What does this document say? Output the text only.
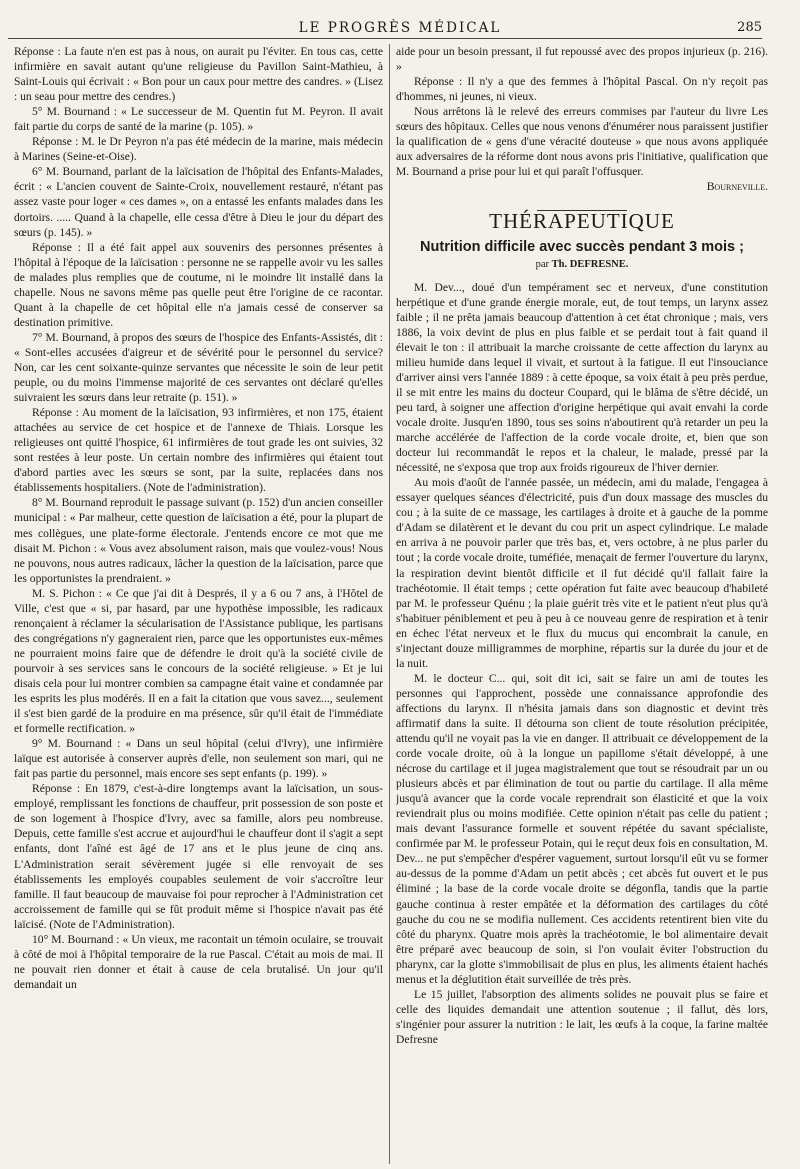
LE PROGRÈS MÉDICAL	285

Réponse : La faute n'en est pas à nous, on aurait pu l'éviter. En tous cas, cette infirmière en savait autant qu'une religieuse du Pavillon Saint-Mathieu, à Saint-Louis qui écrivait : « Bon pour un caux pour mettre des candres. » (Lisez : un seau pour mettre des cendres.)

5° M. Bournand : « Le successeur de M. Quentin fut M. Peyron. Il avait fait partie du corps de santé de la marine (p. 105). »

Réponse : M. le Dr Peyron n'a pas été médecin de la marine, mais médecin à Marines (Seine-et-Oise).

6° M. Bournand, parlant de la laïcisation de l'hôpital des Enfants-Malades, écrit : « L'ancien couvent de Sainte-Croix, nouvellement restauré, n'étant pas assez vaste pour loger « ces dames », on a entassé les enfants malades dans les dortoirs. ..... Quand à la chapelle, elle cessa d'être à Dieu le jour du départ des sœurs (p. 145). »

Réponse : Il a été fait appel aux souvenirs des personnes présentes à l'hôpital à l'époque de la laïcisation : personne ne se rappelle avoir vu les salles de malades plus remplies que de coutume, ni le moindre lit installé dans la chapelle. Nous ne savons même pas quelle peut être l'origine de ce racontar. Quant à la chapelle de cet hôpital elle n'a jamais cessé de conserver sa destination primitive.

7° M. Bournand, à propos des sœurs de l'hospice des Enfants-Assistés, dit : « Sont-elles accusées d'aigreur et de sévérité pour le personnel du service? Non, car les cent soixante-quinze servantes que nécessite le soin de leur petit peuple, ou du moins l'immense majorité de ces servantes ont déclaré qu'elles suivraient les sœurs dans leur retraite (p. 151). »

Réponse : Au moment de la laïcisation, 93 infirmières, et non 175, étaient attachées au service de cet hospice et de l'annexe de Thiais. Lorsque les religieuses ont quitté l'hospice, 61 infirmières de tout grade les ont suivies, 32 sont restées à leur poste. Un certain nombre des infirmières qui étaient tout d'abord parties avec les sœurs se sont, par la suite, replacées dans nos établissements hospitaliers. (Note de l'administration).

8° M. Bournand reproduit le passage suivant (p. 152) d'un ancien conseiller municipal : « Par malheur, cette question de laïcisation a été, pour la plupart de mes collègues, une plate-forme électorale. J'entends encore ce mot que me disait M. Pichon : « Vous avez absolument raison, mais que voulez-vous! Nous ne pouvons, nous autres radicaux, lâcher la question de la laïcisation, parce que les opportunistes la prendraient. »

M. S. Pichon : « Ce que j'ai dit à Després, il y a 6 ou 7 ans, à l'Hôtel de Ville, c'est que « si, par hasard, par une hypothèse impossible, les radicaux renonçaient à réclamer la sécularisation de l'Assistance publique, les partisans des congrégations n'y gagneraient rien, parce que les opportunistes eux-mêmes ne pourraient moins faire que de défendre le droit qu'à la société civile de pourvoir à ses services sans le concours de la société religieuse. » Et je lui disais cela pour lui montrer combien sa campagne était vaine et condamnée par les esprits les plus modérés. Il en a fait la citation que vous savez..., seulement il s'est bien gardé de la produire en ma présence, sûr qu'il était de l'immédiate et formelle rectification. »

9° M. Bournand : « Dans un seul hôpital (celui d'Ivry), une infirmière laïque est autorisée à conserver auprès d'elle, non seulement son mari, qui ne fait pas partie du personnel, mais encore ses sept enfants (p. 199). »

Réponse : En 1879, c'est-à-dire longtemps avant la laïcisation, un sous-employé, remplissant les fonctions de chauffeur, prit possession de son poste et de son logement à l'hospice d'Ivry, avec sa famille, alors peu nombreuse. Depuis, cette famille s'est accrue et aujourd'hui le chauffeur dont il s'agit a sept enfants, dont l'aîné est âgé de 17 ans et le plus jeune de cinq ans. L'Administration serait sévèrement jugée si elle renvoyait de ses établissements les employés coupables seulement de voir s'accroître leur famille. Il faut beaucoup de mauvaise foi pour reprocher à l'Administration cet accroissement de famille qui se fût produit même si l'hospice n'avait pas été laïcisé. (Note de l'Administration).

10° M. Bournand : « Un vieux, me racontait un témoin oculaire, se trouvait à côté de moi à l'hôpital temporaire de la rue Pascal. C'était au mois de mai. Il ne pouvait rien donner et était à cause de cela brutalisé. Un jour qu'il demandait un

aide pour un besoin pressant, il fut repoussé avec des propos injurieux (p. 216). »

Réponse : Il n'y a que des femmes à l'hôpital Pascal. On n'y reçoit pas d'hommes, ni jeunes, ni vieux.

Nous arrêtons là le relevé des erreurs commises par l'auteur du livre Les sœurs des hôpitaux. Celles que nous venons d'énumérer nous paraissent justifier la qualification de « gens d'une véracité douteuse » que nous avons appliquée aux adversaires de la réforme dont nous avons pris l'initiative, qualification que M. Bournand a prise pour lui et qui paraît l'offusquer.

Bourneville.
THÉRAPEUTIQUE
Nutrition difficile avec succès pendant 3 mois ;
par Th. DEFRESNE.

M. Dev..., doué d'un tempérament sec et nerveux, d'une constitution herpétique et d'une grande énergie morale, eut, de tout temps, un larynx assez faible ; il ne prêta jamais beaucoup d'attention à cet état chronique ; mais, vers 1886, la voix devint de plus en plus faible et se perdait tout à fait quand il élevait le ton : il attribuait la marche croissante de cette affection du larynx au milieu humide dans lequel il vivait, et surtout à la fatigue. Il eut l'insouciance d'arriver ainsi vers l'année 1889 : à cette époque, sa voix était à peu près perdue, il se mit entre les mains du docteur Coupard, qui le blâma de s'être décidé, un peu tard, à soigner une affection d'origine herpétique qui avait envahi la corde vocale droite. Jusqu'en 1890, tous ses soins n'aboutirent qu'à retarder un peu la marche accélérée de l'affection de la corde vocale droite, et, bien que son docteur lui recommandât le repos et la chaleur, le malade, pressé par la nécessité, ne s'exposa que trop aux froids rigoureux de l'hiver dernier.

Au mois d'août de l'année passée, un médecin, ami du malade, l'engagea à essayer quelques séances d'électricité, puis d'un doux massage des muscles du cou ; à la suite de ce massage, les cartilages à droite et à gauche de la pomme d'Adam se dilatèrent et le devant du cou prit un aspect cylindrique. Le malade en arriva à ne pouvoir parler que très bas, et, vers octobre, à ne plus parler du tout ; la corde vocale droite, tuméfiée, menaçait de fermer l'ouverture du larynx, la respiration devint bientôt difficile et il fut décidé qu'il fallait faire la trachéotomie. Il était temps ; cette opération fut faite avec beaucoup d'habileté par M. le professeur Quénu ; la plaie guérit très vite et le patient n'eut plus qu'à s'habituer péniblement et peu à peu à ce nouveau genre de respiration et à tenir en échec l'état nerveux et le flux du mucus qui encombrait la canule, en s'injectant douze milligrammes de morphine, répartis sur la durée du jour et de la nuit.

M. le docteur C... qui, soit dit ici, sait se faire un ami de toutes les personnes qui l'approchent, possède une connaissance approfondie des affections du larynx. Il n'hésita jamais dans son diagnostic et devint très affirmatif dans la suite. Il détourna son client de toute résolution précipitée, attendu qu'il ne voyait pas la vie en danger. Il attribuait ce développement de la corde vocale droite, où à la longue un papillome s'était développé, à une nécrose du cartilage et il jugea magistralement que tout se résoudrait par un ou plusieurs abcès et par élimination de tout ou partie du cartilage. Il alla même jusqu'à avancer que la corde vocale reprendrait son élasticité et que la voix reviendrait plus ou moins modifiée. Cette opinion n'était pas celle du patient ; mais devant l'assurance formelle et souvent répétée du savant spécialiste, confirmée par M. le professeur Potain, qui le reçut deux fois en consultation, M. Dev... ne put s'empêcher d'espérer vaguement, surtout lorsqu'il eût vu se former au-dessus de la pomme d'Adam un petit abcès ; cet abcès fut ouvert et le pus éliminé ; la base de la corde vocale droite se dégonfla, tandis que la partie gauche continua à rester empâtée et la déformation des cartilages du côté gauche du cou ne se modifia nullement. Ces accidents retentirent bien vite du côté du pharynx. Quatre mois après la trachéotomie, le bol alimentaire devait être préparé avec beaucoup de soin, si l'on voulait éviter l'obstruction du pharynx, car la glotte s'immobilisait de plus en plus, les aliments étaient hachés menus et la déglutition était surveillée de très près.

Le 15 juillet, l'absorption des aliments solides ne pouvait plus se faire et celle des liquides demandait une attention soutenue ; il fallut, dès lors, s'ingénier pour assurer la nutrition : le lait, les œufs à la coque, la farine maltée Defresne
